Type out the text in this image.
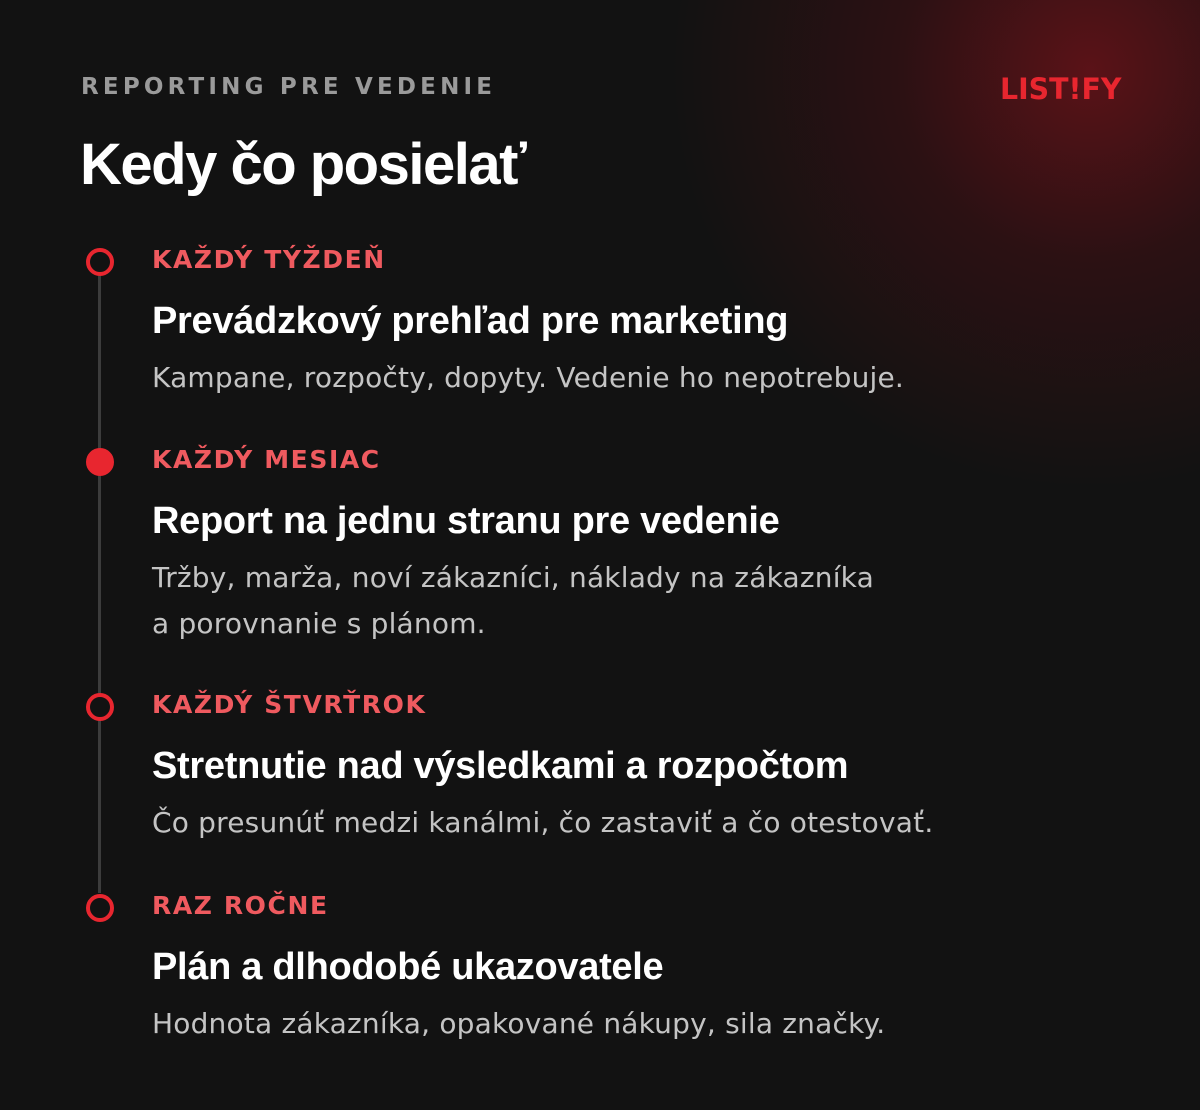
REPORTING PRE VEDENIE

Kedy čo posielať
LIST!FY

KAŽDÝ TÝŽDEŇ

Prevádzkový prehľad pre marketing

Kampane, rozpočty, dopyty. Vedenie ho nepotrebuje.

KAŽDÝ MESIAC

Report na jednu stranu pre vedenie

Tržby, marža, noví zákazníci, náklady na zákazníka
a porovnanie s plánom.

KAŽDÝ ŠTVRŤROK

Stretnutie nad výsledkami a rozpočtom

Čo presunúť medzi kanálmi, čo zastaviť a čo otestovať.

RAZ ROČNE

Plán a dlhodobé ukazovatele

Hodnota zákazníka, opakované nákupy, sila značky.
